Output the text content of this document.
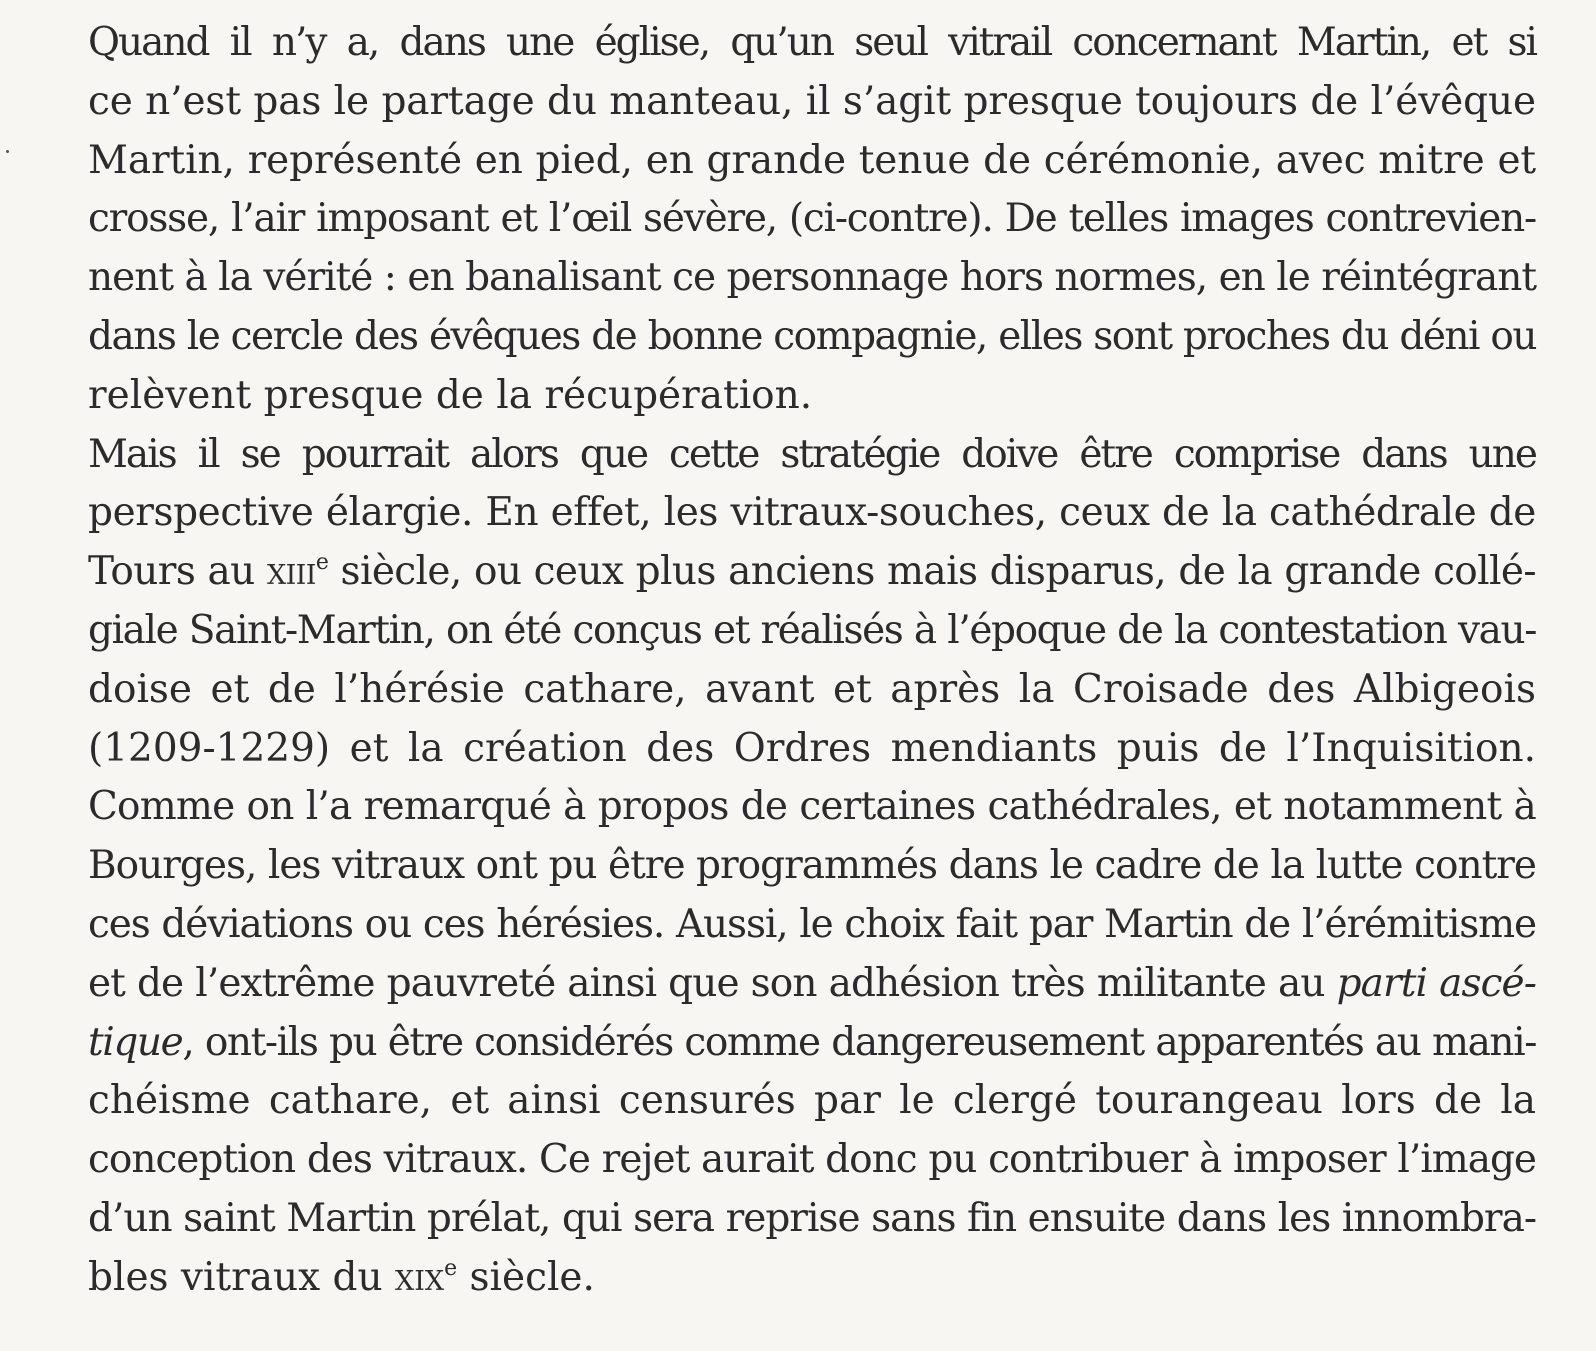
Quand il n’y a, dans une église, qu’un seul vitrail concernant Martin, et si
ce n’est pas le partage du manteau, il s’agit presque toujours de l’évêque
Martin, représenté en pied, en grande tenue de cérémonie, avec mitre et
crosse, l’air imposant et l’œil sévère, (ci-contre). De telles images contrevien-
nent à la vérité : en banalisant ce personnage hors normes, en le réintégrant
dans le cercle des évêques de bonne compagnie, elles sont proches du déni ou
relèvent presque de la récupération.

Mais il se pourrait alors que cette stratégie doive être comprise dans une
perspective élargie. En effet, les vitraux-souches, ceux de la cathédrale de
Tours au xiii$^e$ siècle, ou ceux plus anciens mais disparus, de la grande collé-
giale Saint-Martin, on été conçus et réalisés à l’époque de la contestation vau-
doise et de l’hérésie cathare, avant et après la Croisade des Albigeois
(1209-1229) et la création des Ordres mendiants puis de l’Inquisition.
Comme on l’a remarqué à propos de certaines cathédrales, et notamment à
Bourges, les vitraux ont pu être programmés dans le cadre de la lutte contre
ces déviations ou ces hérésies. Aussi, le choix fait par Martin de l’érémitisme
et de l’extrême pauvreté ainsi que son adhésion très militante au parti ascé-
tique, ont-ils pu être considérés comme dangereusement apparentés au mani-
chéisme cathare, et ainsi censurés par le clergé tourangeau lors de la
conception des vitraux. Ce rejet aurait donc pu contribuer à imposer l’image
d’un saint Martin prélat, qui sera reprise sans fin ensuite dans les innombra-
bles vitraux du xix$^e$ siècle.
